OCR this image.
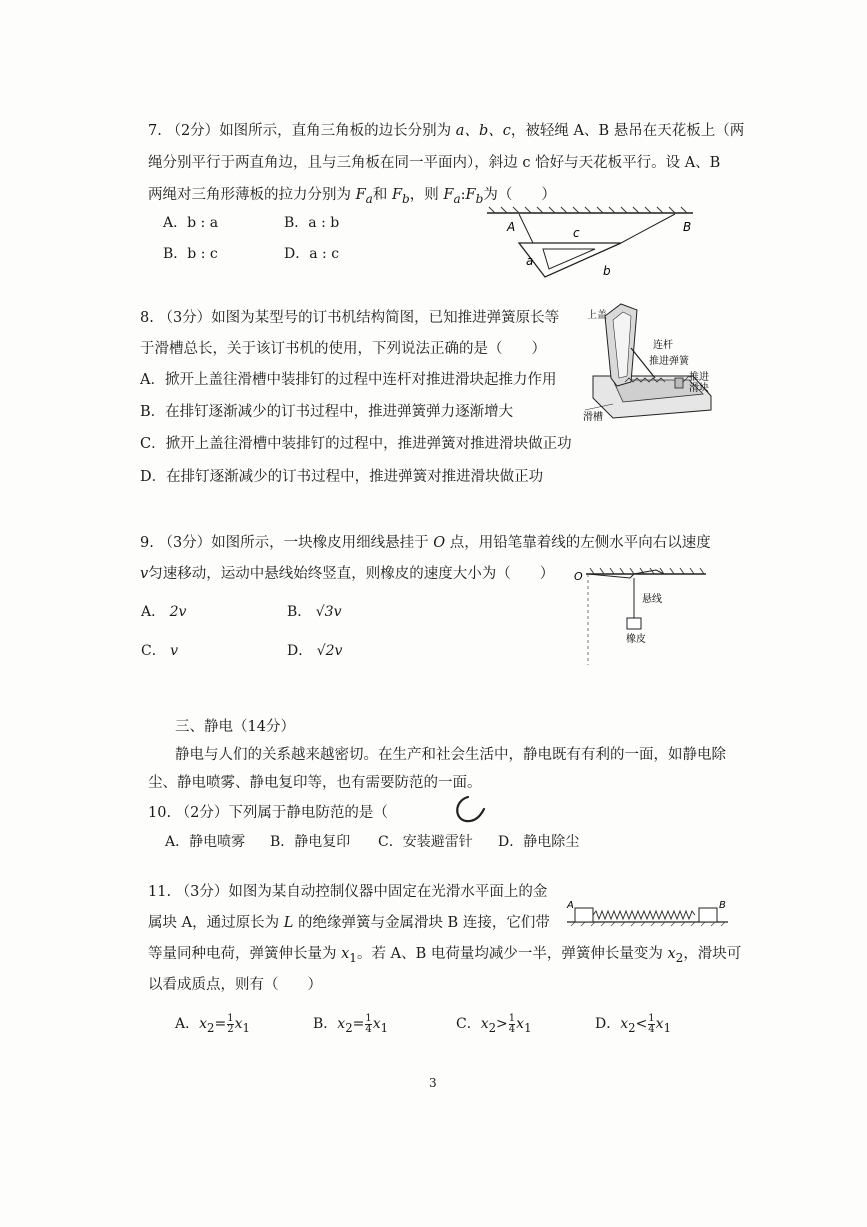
7. （2分）如图所示，直角三角板的边长分别为 a、b、c，被轻绳 A、B 悬吊在天花板上（两
绳分别平行于两直角边，且与三角板在同一平面内），斜边 c 恰好与天花板平行。设 A、B
两绳对三角形薄板的拉力分别为 $F_a$和 $F_b$，则 $F_a:F_b$为（　　）
A．b : a	B．a : b
B．b : c	D．a : c
A	B
c
a
b
8. （3分）如图为某型号的订书机结构简图，已知推进弹簧原长等
于滑槽总长，关于该订书机的使用，下列说法正确的是（　　）
A．掀开上盖往滑槽中装排钉的过程中连杆对推进滑块起推力作用
B．在排钉逐渐减少的订书过程中，推进弹簧弹力逐渐增大
C．掀开上盖往滑槽中装排钉的过程中，推进弹簧对推进滑块做正功
D．在排钉逐渐减少的订书过程中，推进弹簧对推进滑块做正功
上盖
连杆
推进弹簧
推进
滑块
滑槽
9. （3分）如图所示，一块橡皮用细线悬挂于 O 点，用铅笔靠着线的左侧水平向右以速度
v匀速移动，运动中悬线始终竖直，则橡皮的速度大小为（　　）
A． 2v	B． √3v
C． v	D． √2v
O
悬线
橡皮
三、静电（14分）
静电与人们的关系越来越密切。在生产和社会生活中，静电既有有利的一面，如静电除
尘、静电喷雾、静电复印等，也有需要防范的一面。
10. （2分）下列属于静电防范的是（
A．静电喷雾 B．静电复印 C．安装避雷针 D．静电除尘
11. （3分）如图为某自动控制仪器中固定在光滑水平面上的金
属块 A，通过原长为 L 的绝缘弹簧与金属滑块 B 连接，它们带
等量同种电荷，弹簧伸长量为 $x_1$。若 A、B 电荷量均减少一半，弹簧伸长量变为 $x_2$，滑块可
以看成质点，则有（　　）
A	B
A．$x_2= \frac{1}{2} x_1$	B．$x_2= \frac{1}{4} x_1$	C．$x_2> \frac{1}{4} x_1$	D．$x_2< \frac{1}{4} x_1$
3
